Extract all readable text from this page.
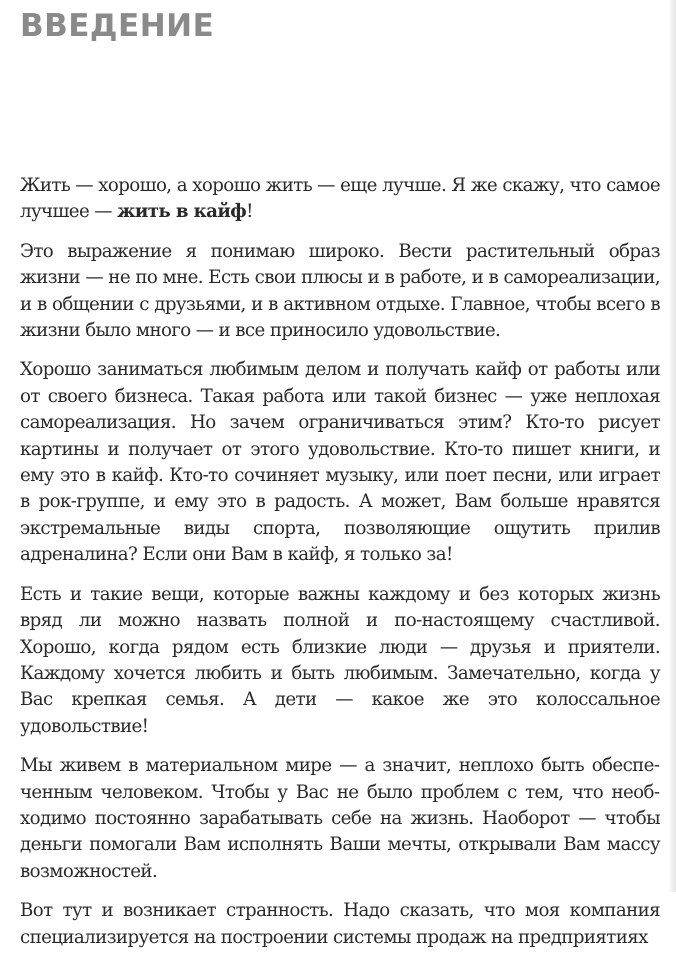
ВВЕДЕНИЕ

Жить — хорошо, а хорошо жить — еще лучше. Я же скажу, что самое лучшее — жить в кайф!

Это выражение я понимаю широко. Вести растительный образ жизни — не по мне. Есть свои плюсы и в работе, и в самореализации, и в общении с друзьями, и в активном отдыхе. Главное, чтобы всего в жизни было много — и все приносило удовольствие.

Хорошо заниматься любимым делом и получать кайф от работы или от своего бизнеса. Такая работа или такой бизнес — уже неплохая самореализация. Но зачем ограничиваться этим? Кто-то рисует картины и получает от этого удовольствие. Кто-то пишет книги, и ему это в кайф. Кто-то сочиняет музыку, или поет песни, или играет в рок-группе, и ему это в радость. А может, Вам больше нравятся экстремальные виды спорта, позволяющие ощутить прилив адреналина? Если они Вам в кайф, я только за!

Есть и такие вещи, которые важны каждому и без которых жизнь вряд ли можно назвать полной и по-настоящему счастливой. Хорошо, когда рядом есть близкие люди — друзья и приятели. Каждому хочется любить и быть любимым. Замечательно, когда у Вас крепкая семья. А дети — какое же это колоссальное удовольствие!

Мы живем в материальном мире — а значит, неплохо быть обеспеченным человеком. Чтобы у Вас не было проблем с тем, что необходимо постоянно зарабатывать себе на жизнь. Наоборот — чтобы деньги помогали Вам исполнять Ваши мечты, открывали Вам массу возможностей.

Вот тут и возникает странность. Надо сказать, что моя компания специализируется на построении системы продаж на предприятиях
